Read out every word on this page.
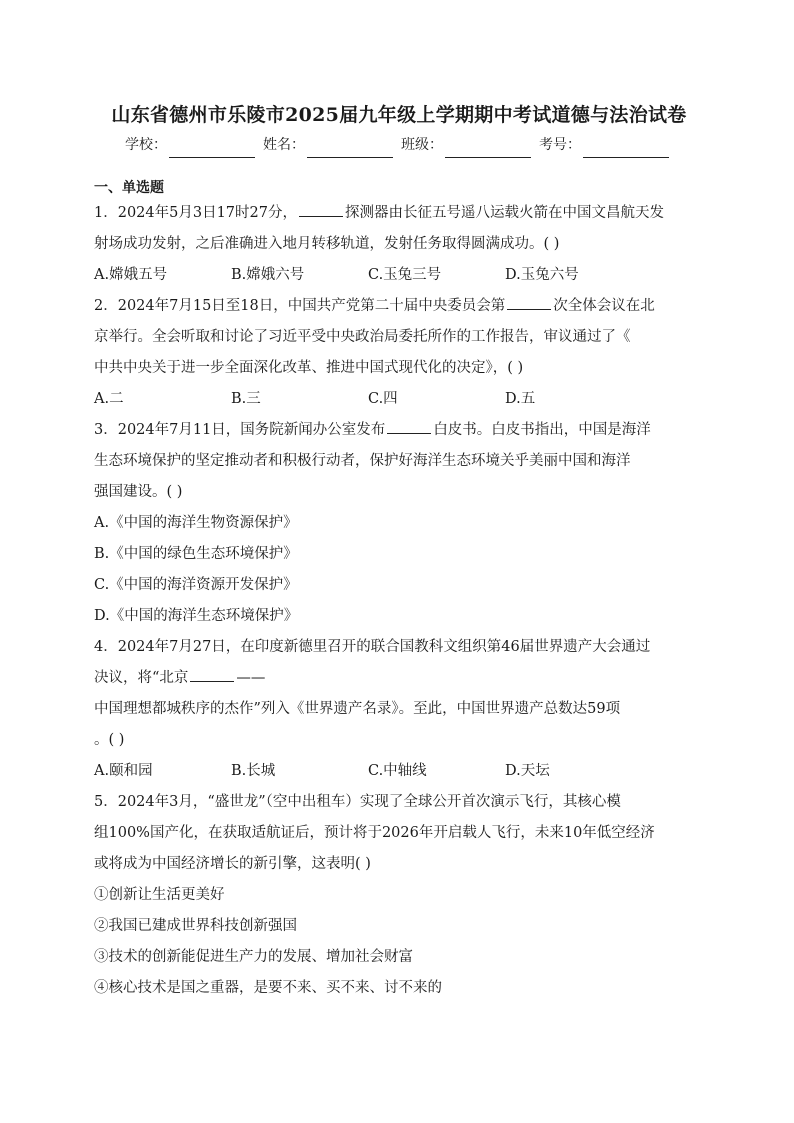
山东省德州市乐陵市2025届九年级上学期期中考试道德与法治试卷
学校：	姓名：	班级：	考号：
一、单选题

1．2024年5月3日17时27分，	探测器由长征五号遥八运载火箭在中国文昌航天发

射场成功发射，之后准确进入地月转移轨道，发射任务取得圆满成功。( )

A.嫦娥五号	B.嫦娥六号	C.玉兔三号	D.玉兔六号

2．2024年7月15日至18日，中国共产党第二十届中央委员会第	次全体会议在北

京举行。全会听取和讨论了习近平受中央政治局委托所作的工作报告，审议通过了《

中共中央关于进一步全面深化改革、推进中国式现代化的决定》，( )

A.二	B.三	C.四	D.五

3．2024年7月11日，国务院新闻办公室发布	白皮书。白皮书指出，中国是海洋

生态环境保护的坚定推动者和积极行动者，保护好海洋生态环境关乎美丽中国和海洋

强国建设。( )

A.《中国的海洋生物资源保护》
B.《中国的绿色生态环境保护》
C.《中国的海洋资源开发保护》
D.《中国的海洋生态环境保护》

4．2024年7月27日，在印度新德里召开的联合国教科文组织第46届世界遗产大会通过

决议，将“北京	——

中国理想都城秩序的杰作”列入《世界遗产名录》。至此，中国世界遗产总数达59项

。( )

A.颐和园	B.长城	C.中轴线	D.天坛

5．2024年3月，“盛世龙”（空中出租车）实现了全球公开首次演示飞行，其核心模

组100%国产化，在获取适航证后，预计将于2026年开启载人飞行，未来10年低空经济

或将成为中国经济增长的新引擎，这表明( )

①创新让生活更美好
②我国已建成世界科技创新强国
③技术的创新能促进生产力的发展、增加社会财富
④核心技术是国之重器，是要不来、买不来、讨不来的
